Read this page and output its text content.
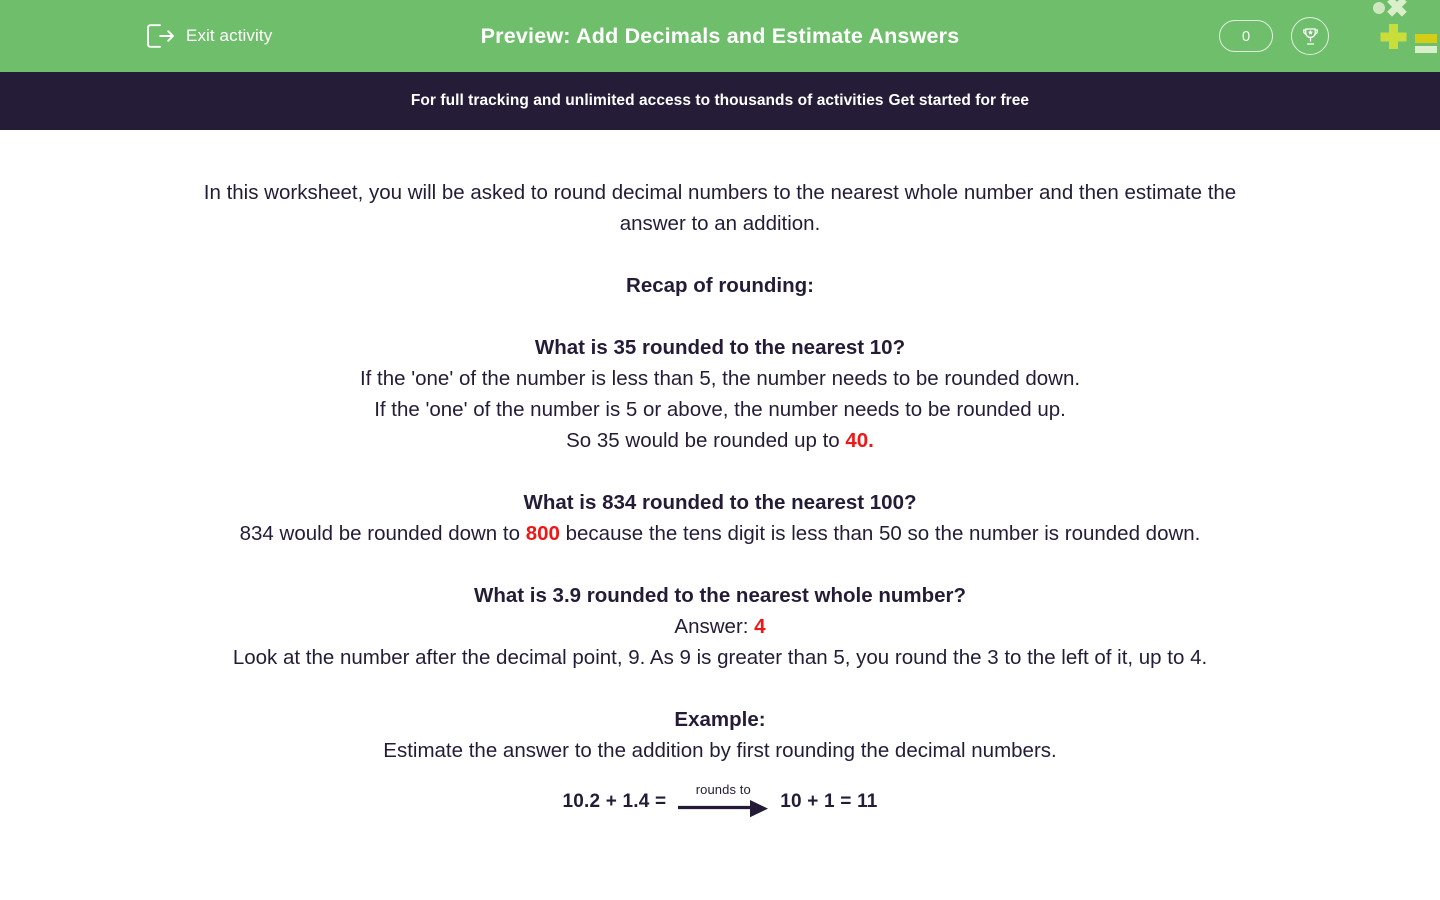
Exit activity	Preview: Add Decimals and Estimate Answers	0
For full tracking and unlimited access to thousands of activities Get started for free
In this worksheet, you will be asked to round decimal numbers to the nearest whole number and then estimate the answer to an addition.
Recap of rounding:
What is 35 rounded to the nearest 10?
If the 'one' of the number is less than 5, the number needs to be rounded down.
If the 'one' of the number is 5 or above, the number needs to be rounded up.
So 35 would be rounded up to 40.
What is 834 rounded to the nearest 100?
834 would be rounded down to 800 because the tens digit is less than 50 so the number is rounded down.
What is 3.9 rounded to the nearest whole number?
Answer: 4
Look at the number after the decimal point, 9. As 9 is greater than 5, you round the 3 to the left of it, up to 4.
Example:
Estimate the answer to the addition by first rounding the decimal numbers.
10.2 + 1.4 =
rounds to
10 + 1 = 11
